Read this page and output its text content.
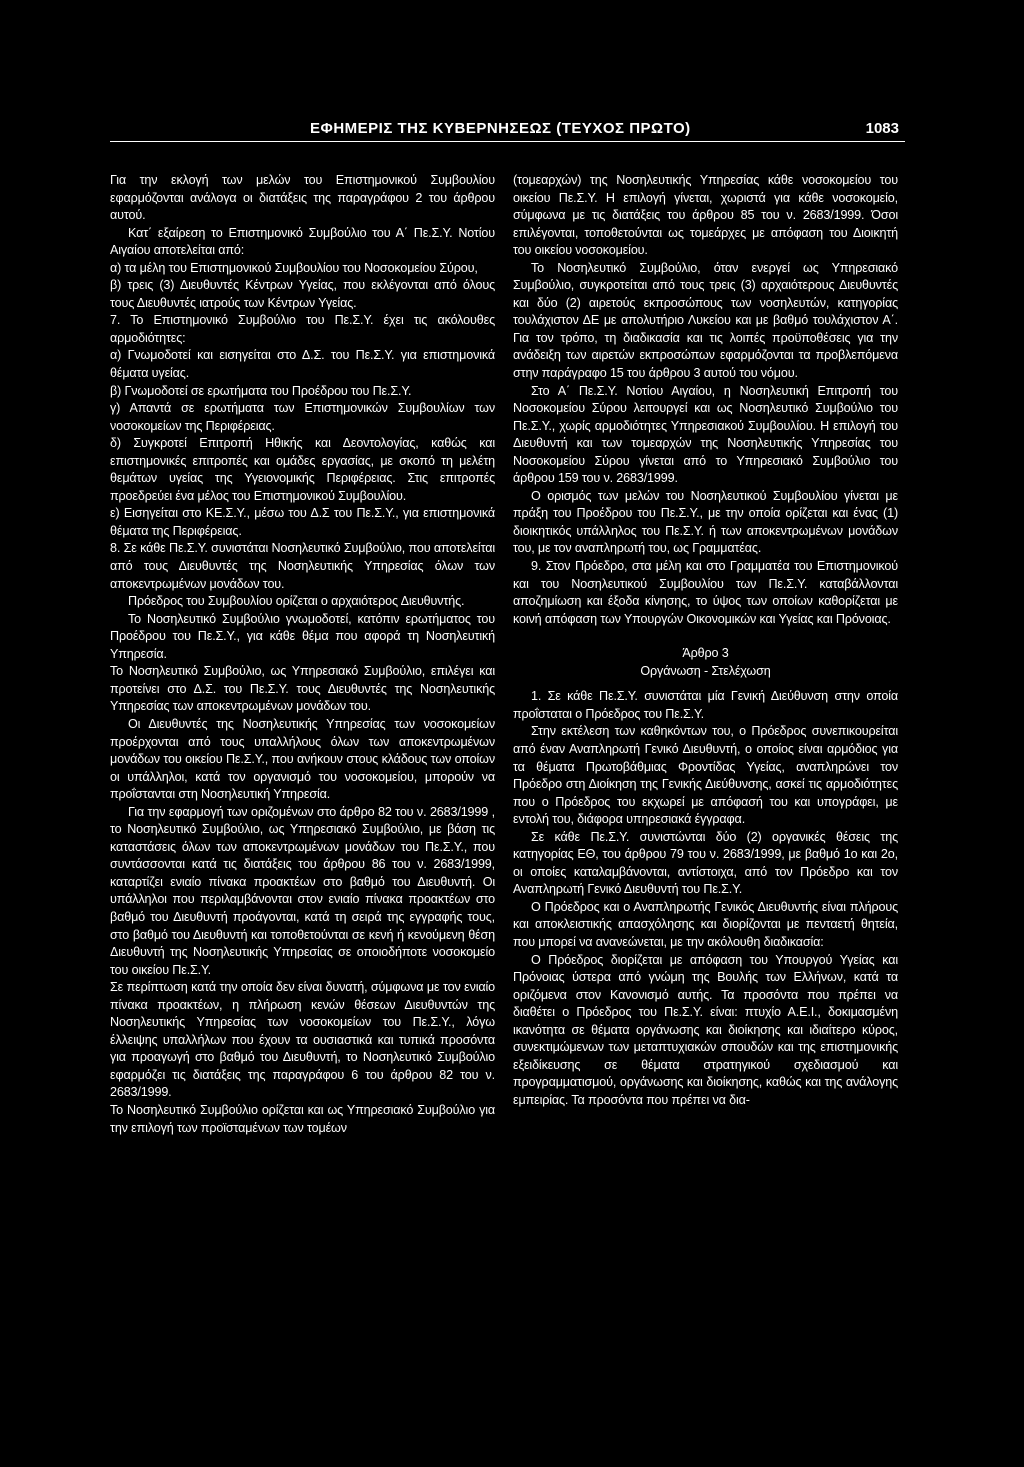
ΕΦΗΜΕΡΙΣ ΤΗΣ ΚΥΒΕΡΝΗΣΕΩΣ (ΤΕΥΧΟΣ ΠΡΩΤΟ)	1083

Για την εκλογή των μελών του Επιστημονικού Συμβουλίου εφαρμόζονται ανάλογα οι διατάξεις της παραγράφου 2 του άρθρου αυτού.

Κατ΄ εξαίρεση το Επιστημονικό Συμβούλιο του Α΄ Πε.Σ.Υ. Νοτίου Αιγαίου αποτελείται από:

α) τα μέλη του Επιστημονικού Συμβουλίου του Νοσοκομείου Σύρου,

β) τρεις (3) Διευθυντές Κέντρων Υγείας, που εκλέγονται από όλους τους Διευθυντές ιατρούς των Κέντρων Υγείας.

7. Το Επιστημονικό Συμβούλιο του Πε.Σ.Υ. έχει τις ακόλουθες αρμοδιότητες:

α) Γνωμοδοτεί και εισηγείται στο Δ.Σ. του Πε.Σ.Υ. για επιστημονικά θέματα υγείας.

β) Γνωμοδοτεί σε ερωτήματα του Προέδρου του Πε.Σ.Υ.

γ) Απαντά σε ερωτήματα των Επιστημονικών Συμβουλίων των νοσοκομείων της Περιφέρειας.

δ) Συγκροτεί Επιτροπή Ηθικής και Δεοντολογίας, καθώς και επιστημονικές επιτροπές και ομάδες εργασίας, με σκοπό τη μελέτη θεμάτων υγείας της Υγειονομικής Περιφέρειας. Στις επιτροπές προεδρεύει ένα μέλος του Επιστημονικού Συμβουλίου.

ε) Εισηγείται στο ΚΕ.Σ.Υ., μέσω του Δ.Σ του Πε.Σ.Υ., για επιστημονικά θέματα της Περιφέρειας.

8. Σε κάθε Πε.Σ.Υ. συνιστάται Νοσηλευτικό Συμβούλιο, που αποτελείται από τους Διευθυντές της Νοσηλευτικής Υπηρεσίας όλων των αποκεντρωμένων μονάδων του.

Πρόεδρος του Συμβουλίου ορίζεται ο αρχαιότερος Διευθυντής.

Το Νοσηλευτικό Συμβούλιο γνωμοδοτεί, κατόπιν ερωτήματος του Προέδρου του Πε.Σ.Υ., για κάθε θέμα που αφορά τη Νοσηλευτική Υπηρεσία.

Το Νοσηλευτικό Συμβούλιο, ως Υπηρεσιακό Συμβούλιο, επιλέγει και προτείνει στο Δ.Σ. του Πε.Σ.Υ. τους Διευθυντές της Νοσηλευτικής Υπηρεσίας των αποκεντρωμένων μονάδων του.

Οι Διευθυντές της Νοσηλευτικής Υπηρεσίας των νοσοκομείων προέρχονται από τους υπαλλήλους όλων των αποκεντρωμένων μονάδων του οικείου Πε.Σ.Υ., που ανήκουν στους κλάδους των οποίων οι υπάλληλοι, κατά τον οργανισμό του νοσοκομείου, μπορούν να προΐστανται στη Νοσηλευτική Υπηρεσία.

Για την εφαρμογή των οριζομένων στο άρθρο 82 του ν. 2683/1999 , το Νοσηλευτικό Συμβούλιο, ως Υπηρεσιακό Συμβούλιο, με βάση τις καταστάσεις όλων των αποκεντρωμένων μονάδων του Πε.Σ.Υ., που συντάσσονται κατά τις διατάξεις του άρθρου 86 του ν. 2683/1999, καταρτίζει ενιαίο πίνακα προακτέων στο βαθμό του Διευθυντή. Οι υπάλληλοι που περιλαμβάνονται στον ενιαίο πίνακα προακτέων στο βαθμό του Διευθυντή προάγονται, κατά τη σειρά της εγγραφής τους, στο βαθμό του Διευθυντή και τοποθετούνται σε κενή ή κενούμενη θέση Διευθυντή της Νοσηλευτικής Υπηρεσίας σε οποιοδήποτε νοσοκομείο του οικείου Πε.Σ.Υ.

Σε περίπτωση κατά την οποία δεν είναι δυνατή, σύμφωνα με τον ενιαίο πίνακα προακτέων, η πλήρωση κενών θέσεων Διευθυντών της Νοσηλευτικής Υπηρεσίας των νοσοκομείων του Πε.Σ.Υ., λόγω έλλειψης υπαλλήλων που έχουν τα ουσιαστικά και τυπικά προσόντα για προαγωγή στο βαθμό του Διευθυντή, το Νοσηλευτικό Συμβούλιο εφαρμόζει τις διατάξεις της παραγράφου 6 του άρθρου 82 του ν. 2683/1999.

Το Νοσηλευτικό Συμβούλιο ορίζεται και ως Υπηρεσιακό Συμβούλιο για την επιλογή των προϊσταμένων των τομέων

(τομεαρχών) της Νοσηλευτικής Υπηρεσίας κάθε νοσοκομείου του οικείου Πε.Σ.Υ. Η επιλογή γίνεται, χωριστά για κάθε νοσοκομείο, σύμφωνα με τις διατάξεις του άρθρου 85 του ν. 2683/1999. Όσοι επιλέγονται, τοποθετούνται ως τομεάρχες με απόφαση του Διοικητή του οικείου νοσοκομείου.

Το Νοσηλευτικό Συμβούλιο, όταν ενεργεί ως Υπηρεσιακό Συμβούλιο, συγκροτείται από τους τρεις (3) αρχαιότερους Διευθυντές και δύο (2) αιρετούς εκπροσώπους των νοσηλευτών, κατηγορίας τουλάχιστον ΔΕ με απολυτήριο Λυκείου και με βαθμό τουλάχιστον Α΄. Για τον τρόπο, τη διαδικασία και τις λοιπές προϋποθέσεις για την ανάδειξη των αιρετών εκπροσώπων εφαρμόζονται τα προβλεπόμενα στην παράγραφο 15 του άρθρου 3 αυτού του νόμου.

Στο Α΄ Πε.Σ.Υ. Νοτίου Αιγαίου, η Νοσηλευτική Επιτροπή του Νοσοκομείου Σύρου λειτουργεί και ως Νοσηλευτικό Συμβούλιο του Πε.Σ.Υ., χωρίς αρμοδιότητες Υπηρεσιακού Συμβουλίου. Η επιλογή του Διευθυντή και των τομεαρχών της Νοσηλευτικής Υπηρεσίας του Νοσοκομείου Σύρου γίνεται από το Υπηρεσιακό Συμβούλιο του άρθρου 159 του ν. 2683/1999.

Ο ορισμός των μελών του Νοσηλευτικού Συμβουλίου γίνεται με πράξη του Προέδρου του Πε.Σ.Υ., με την οποία ορίζεται και ένας (1) διοικητικός υπάλληλος του Πε.Σ.Υ. ή των αποκεντρωμένων μονάδων του, με τον αναπληρωτή του, ως Γραμματέας.

9. Στον Πρόεδρο, στα μέλη και στο Γραμματέα του Επιστημονικού και του Νοσηλευτικού Συμβουλίου των Πε.Σ.Υ. καταβάλλονται αποζημίωση και έξοδα κίνησης, το ύψος των οποίων καθορίζεται με κοινή απόφαση των Υπουργών Οικονομικών και Υγείας και Πρόνοιας.

Άρθρο 3

Οργάνωση - Στελέχωση

1. Σε κάθε Πε.Σ.Υ. συνιστάται μία Γενική Διεύθυνση στην οποία προΐσταται ο Πρόεδρος του Πε.Σ.Υ.

Στην εκτέλεση των καθηκόντων του, ο Πρόεδρος συνεπικουρείται από έναν Αναπληρωτή Γενικό Διευθυντή, ο οποίος είναι αρμόδιος για τα θέματα Πρωτοβάθμιας Φροντίδας Υγείας, αναπληρώνει τον Πρόεδρο στη Διοίκηση της Γενικής Διεύθυνσης, ασκεί τις αρμοδιότητες που ο Πρόεδρος του εκχωρεί με απόφασή του και υπογράφει, με εντολή του, διάφορα υπηρεσιακά έγγραφα.

Σε κάθε Πε.Σ.Υ. συνιστώνται δύο (2) οργανικές θέσεις της κατηγορίας ΕΘ, του άρθρου 79 του ν. 2683/1999, με βαθμό 1ο και 2ο, οι οποίες καταλαμβάνονται, αντίστοιχα, από τον Πρόεδρο και τον Αναπληρωτή Γενικό Διευθυντή του Πε.Σ.Υ.

Ο Πρόεδρος και ο Αναπληρωτής Γενικός Διευθυντής είναι πλήρους και αποκλειστικής απασχόλησης και διορίζονται με πενταετή θητεία, που μπορεί να ανανεώνεται, με την ακόλουθη διαδικασία:

Ο Πρόεδρος διορίζεται με απόφαση του Υπουργού Υγείας και Πρόνοιας ύστερα από γνώμη της Βουλής των Ελλήνων, κατά τα οριζόμενα στον Κανονισμό αυτής. Τα προσόντα που πρέπει να διαθέτει ο Πρόεδρος του Πε.Σ.Υ. είναι: πτυχίο Α.Ε.Ι., δοκιμασμένη ικανότητα σε θέματα οργάνωσης και διοίκησης και ιδιαίτερο κύρος, συνεκτιμώμενων των μεταπτυχιακών σπουδών και της επιστημονικής εξειδίκευσης σε θέματα στρατηγικού σχεδιασμού και προγραμματισμού, οργάνωσης και διοίκησης, καθώς και της ανάλογης εμπειρίας. Τα προσόντα που πρέπει να δια-
